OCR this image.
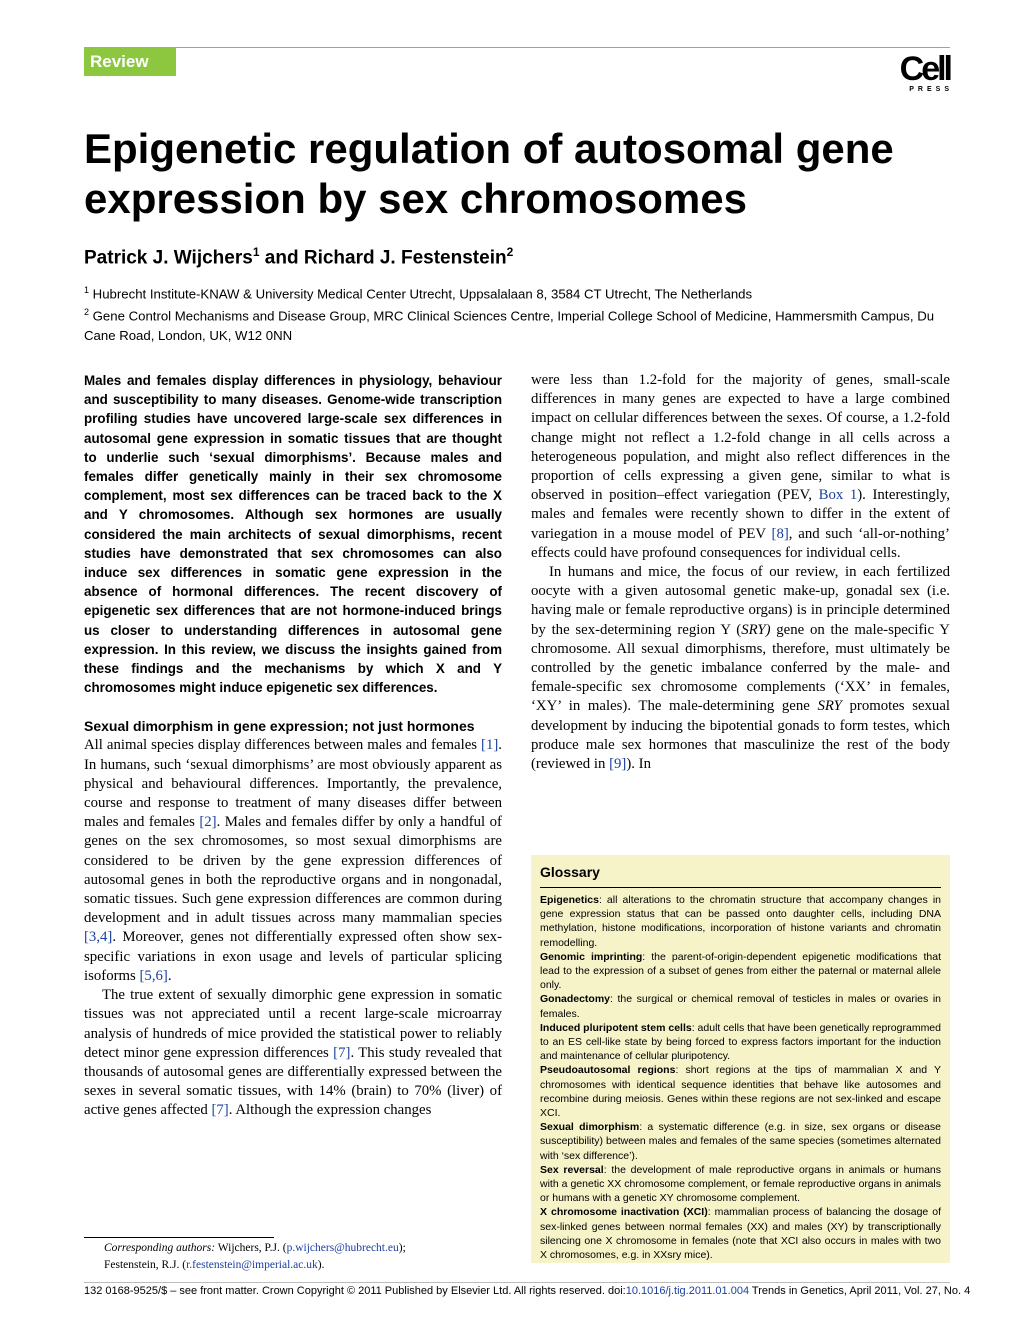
Review	Cell
PRESS
Epigenetic regulation of autosomal gene expression by sex chromosomes
Patrick J. Wijchers$^1$ and Richard J. Festenstein$^2$
$^1$ Hubrecht Institute-KNAW & University Medical Center Utrecht, Uppsalalaan 8, 3584 CT Utrecht, The Netherlands
$^2$ Gene Control Mechanisms and Disease Group, MRC Clinical Sciences Centre, Imperial College School of Medicine, Hammersmith Campus, Du Cane Road, London, UK, W12 0NN

Males and females display differences in physiology, behaviour and susceptibility to many diseases. Genome-wide transcription profiling studies have uncovered large-scale sex differences in autosomal gene expression in somatic tissues that are thought to underlie such ‘sexual dimorphisms’. Because males and females differ genetically mainly in their sex chromosome complement, most sex differences can be traced back to the X and Y chromosomes. Although sex hormones are usually considered the main architects of sexual dimorphisms, recent studies have demonstrated that sex chromosomes can also induce sex differences in somatic gene expression in the absence of hormonal differences. The recent discovery of epigenetic sex differences that are not hormone-induced brings us closer to understanding differences in autosomal gene expression. In this review, we discuss the insights gained from these findings and the mechanisms by which X and Y chromosomes might induce epigenetic sex differences.

Sexual dimorphism in gene expression; not just hormones

All animal species display differences between males and females [1]. In humans, such ‘sexual dimorphisms’ are most obviously apparent as physical and behavioural differences. Importantly, the prevalence, course and response to treatment of many diseases differ between males and females [2]. Males and females differ by only a handful of genes on the sex chromosomes, so most sexual dimorphisms are considered to be driven by the gene expression differences of autosomal genes in both the reproductive organs and in nongonadal, somatic tissues. Such gene expression differences are common during development and in adult tissues across many mammalian species [3,4]. Moreover, genes not differentially expressed often show sex-specific variations in exon usage and levels of particular splicing isoforms [5,6].

The true extent of sexually dimorphic gene expression in somatic tissues was not appreciated until a recent large-scale microarray analysis of hundreds of mice provided the statistical power to reliably detect minor gene expression differences [7]. This study revealed that thousands of autosomal genes are differentially expressed between the sexes in several somatic tissues, with 14% (brain) to 70% (liver) of active genes affected [7]. Although the expression changes

were less than 1.2-fold for the majority of genes, small-scale differences in many genes are expected to have a large combined impact on cellular differences between the sexes. Of course, a 1.2-fold change might not reflect a 1.2-fold change in all cells across a heterogeneous population, and might also reflect differences in the proportion of cells expressing a given gene, similar to what is observed in position–effect variegation (PEV, Box 1). Interestingly, males and females were recently shown to differ in the extent of variegation in a mouse model of PEV [8], and such ‘all-or-nothing’ effects could have profound consequences for individual cells.

In humans and mice, the focus of our review, in each fertilized oocyte with a given autosomal genetic make-up, gonadal sex (i.e. having male or female reproductive organs) is in principle determined by the sex-determining region Y (SRY) gene on the male-specific Y chromosome. All sexual dimorphisms, therefore, must ultimately be controlled by the genetic imbalance conferred by the male- and female-specific sex chromosome complements (‘XX’ in females, ‘XY’ in males). The male-determining gene SRY promotes sexual development by inducing the bipotential gonads to form testes, which produce male sex hormones that masculinize the rest of the body (reviewed in [9]). In

Glossary

Epigenetics: all alterations to the chromatin structure that accompany changes in gene expression status that can be passed onto daughter cells, including DNA methylation, histone modifications, incorporation of histone variants and chromatin remodelling.

Genomic imprinting: the parent-of-origin-dependent epigenetic modifications that lead to the expression of a subset of genes from either the paternal or maternal allele only.

Gonadectomy: the surgical or chemical removal of testicles in males or ovaries in females.

Induced pluripotent stem cells: adult cells that have been genetically reprogrammed to an ES cell-like state by being forced to express factors important for the induction and maintenance of cellular pluripotency.

Pseudoautosomal regions: short regions at the tips of mammalian X and Y chromosomes with identical sequence identities that behave like autosomes and recombine during meiosis. Genes within these regions are not sex-linked and escape XCI.

Sexual dimorphism: a systematic difference (e.g. in size, sex organs or disease susceptibility) between males and females of the same species (sometimes alternated with ‘sex difference’).

Sex reversal: the development of male reproductive organs in animals or humans with a genetic XX chromosome complement, or female reproductive organs in animals or humans with a genetic XY chromosome complement.

X chromosome inactivation (XCI): mammalian process of balancing the dosage of sex-linked genes between normal females (XX) and males (XY) by transcriptionally silencing one X chromosome in females (note that XCI also occurs in males with two X chromosomes, e.g. in XXsry mice).

Corresponding authors: Wijchers, P.J. (p.wijchers@hubrecht.eu);
Festenstein, R.J. (r.festenstein@imperial.ac.uk).
132 0168-9525/$ – see front matter. Crown Copyright © 2011 Published by Elsevier Ltd. All rights reserved. doi:10.1016/j.tig.2011.01.004 Trends in Genetics, April 2011, Vol. 27, No. 4
